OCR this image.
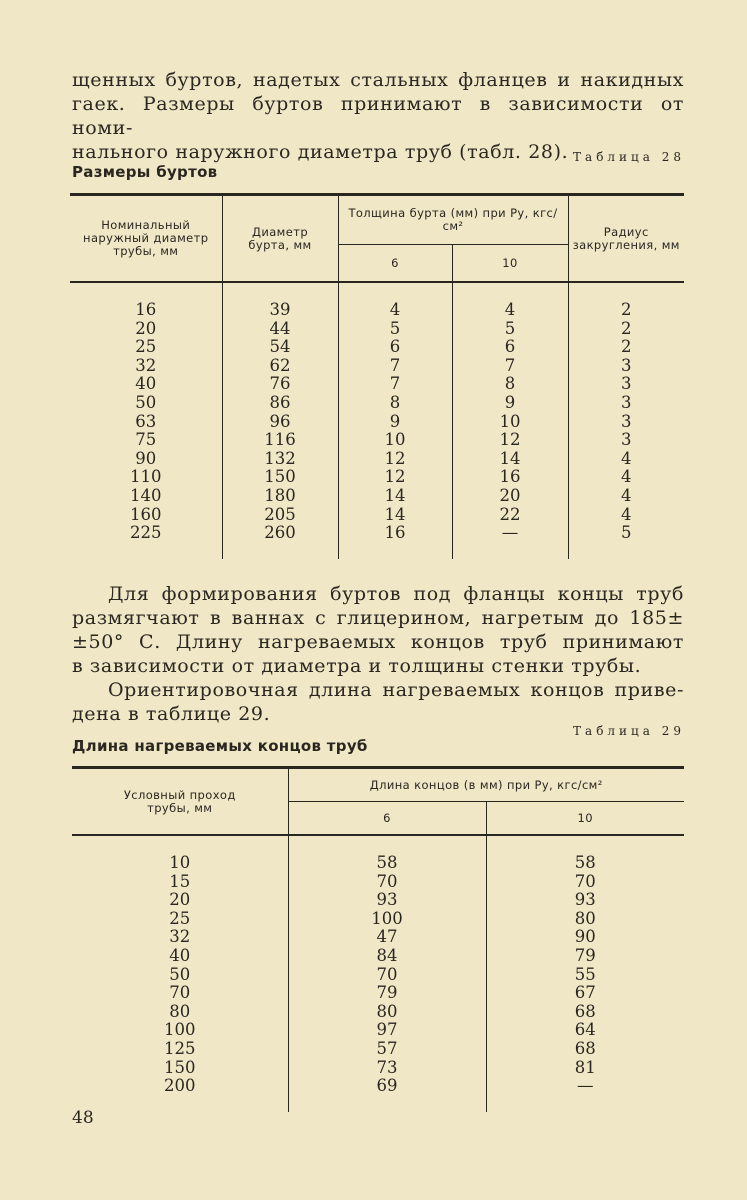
щенных буртов, надетых стальных фланцев и накидных
гаек. Размеры буртов принимают в зависимости от номи-
нального наружного диаметра труб (табл. 28). Таблица 28

Размеры буртов

Номинальный наружный диаметр трубы, мм	Диаметр бурта, мм	Толщина бурта (мм) при Pу, кгс/см²		Радиус закругления, мм
		6	10	
16	39	4	4	2
20	44	5	5	2
25	54	6	6	2
32	62	7	7	3
40	76	7	8	3
50	86	8	9	3
63	96	9	10	3
75	116	10	12	3
90	132	12	14	4
110	150	12	16	4
140	180	14	20	4
160	205	14	22	4
225	260	16	—	5

Для формирования буртов под фланцы концы труб
размягчают в ваннах с глицерином, нагретым до 185±
±50° С. Длину нагреваемых концов труб принимают
в зависимости от диаметра и толщины стенки трубы.

Ориентировочная длина нагреваемых концов приве-
дена в таблице 29.

Таблица 29

Длина нагреваемых концов труб

Условный проход трубы, мм	Длина концов (в мм) при Pу, кгс/см²	
	6	10
10	58	58
15	70	70
20	93	93
25	100	80
32	47	90
40	84	79
50	70	55
70	79	67
80	80	68
100	97	64
125	57	68
150	73	81
200	69	—

48
